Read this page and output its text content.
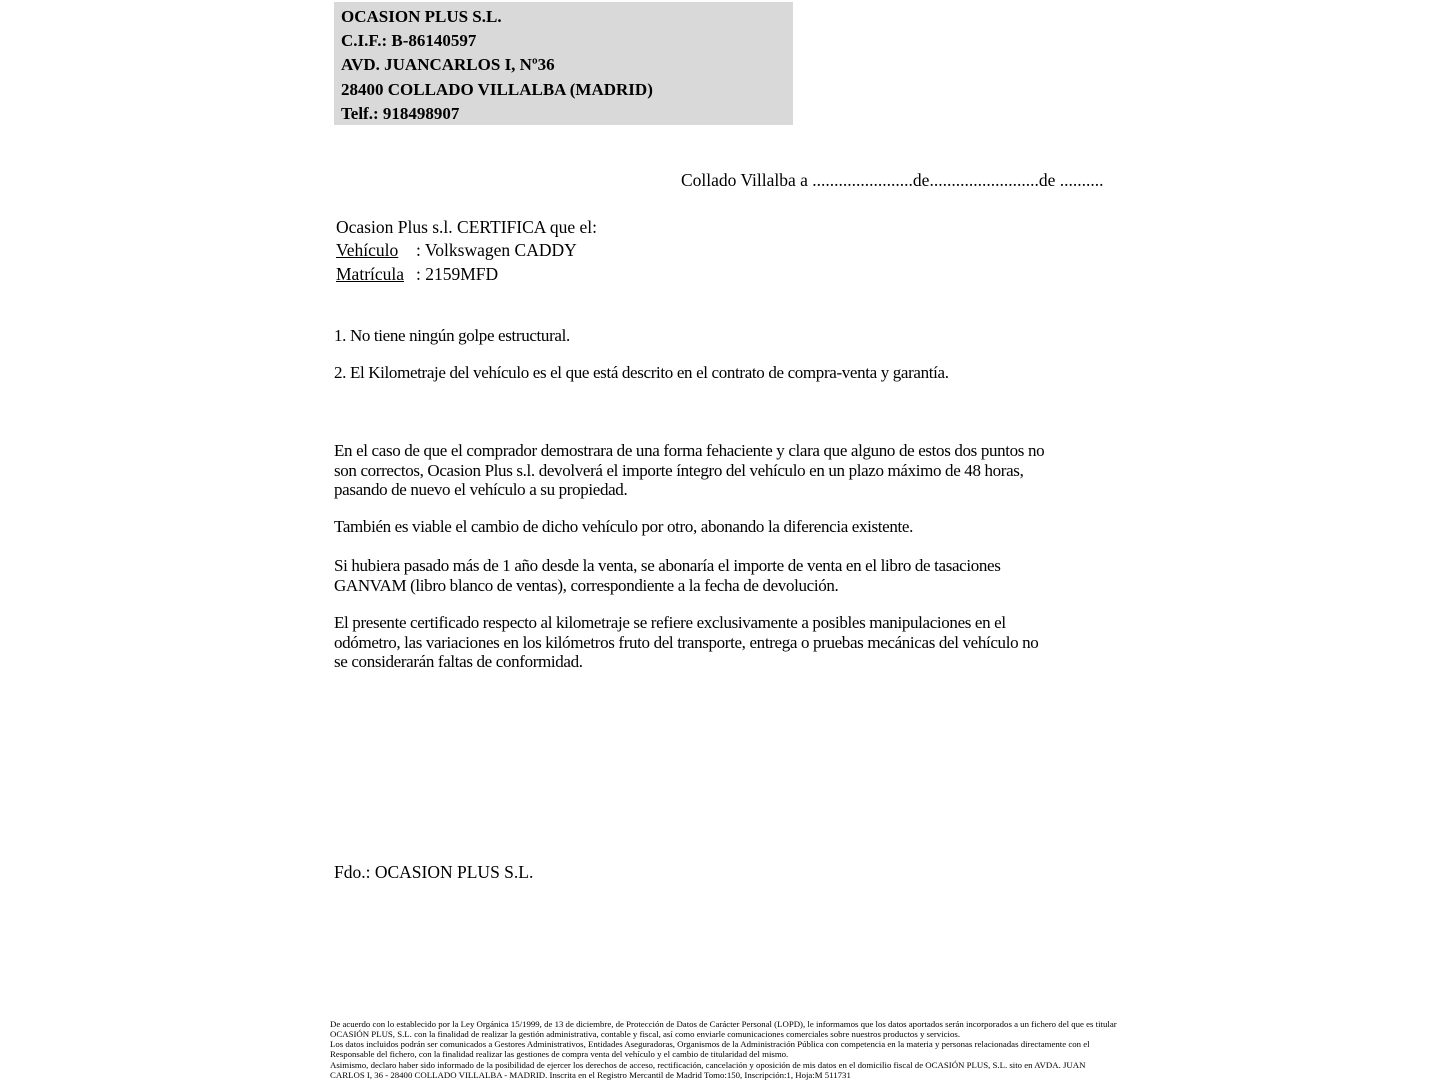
OCASION PLUS S.L.
C.I.F.: B-86140597
AVD. JUANCARLOS I, Nº36
28400 COLLADO VILLALBA (MADRID)
Telf.: 918498907
Collado Villalba a .......................de.........................de ..........
Ocasion Plus s.l. CERTIFICA que el:
Vehículo : Volkswagen CADDY
Matrícula : 2159MFD
1. No tiene ningún golpe estructural.
2. El Kilometraje del vehículo es el que está descrito en el contrato de compra-venta y garantía.
En el caso de que el comprador demostrara de una forma fehaciente y clara que alguno de estos dos puntos no
son correctos, Ocasion Plus s.l. devolverá el importe íntegro del vehículo en un plazo máximo de 48 horas,
pasando de nuevo el vehículo a su propiedad.
También es viable el cambio de dicho vehículo por otro, abonando la diferencia existente.
Si hubiera pasado más de 1 año desde la venta, se abonaría el importe de venta en el libro de tasaciones
GANVAM (libro blanco de ventas), correspondiente a la fecha de devolución.
El presente certificado respecto al kilometraje se refiere exclusivamente a posibles manipulaciones en el
odómetro, las variaciones en los kilómetros fruto del transporte, entrega o pruebas mecánicas del vehículo no
se considerarán faltas de conformidad.
Fdo.: OCASION PLUS S.L.
De acuerdo con lo establecido por la Ley Orgánica 15/1999, de 13 de diciembre, de Protección de Datos de Carácter Personal (LOPD), le informamos que los datos aportados serán incorporados a un fichero del que es titular
OCASIÓN PLUS, S.L. con la finalidad de realizar la gestión administrativa, contable y fiscal, así como enviarle comunicaciones comerciales sobre nuestros productos y servicios.
Los datos incluidos podrán ser comunicados a Gestores Administrativos, Entidades Aseguradoras, Organismos de la Administración Pública con competencia en la materia y personas relacionadas directamente con el
Responsable del fichero, con la finalidad realizar las gestiones de compra venta del vehículo y el cambio de titularidad del mismo.
Asimismo, declaro haber sido informado de la posibilidad de ejercer los derechos de acceso, rectificación, cancelación y oposición de mis datos en el domicilio fiscal de OCASIÓN PLUS, S.L. sito en AVDA. JUAN
CARLOS I, 36 - 28400 COLLADO VILLALBA - MADRID. Inscrita en el Registro Mercantil de Madrid Tomo:150, Inscripción:1, Hoja:M 511731
